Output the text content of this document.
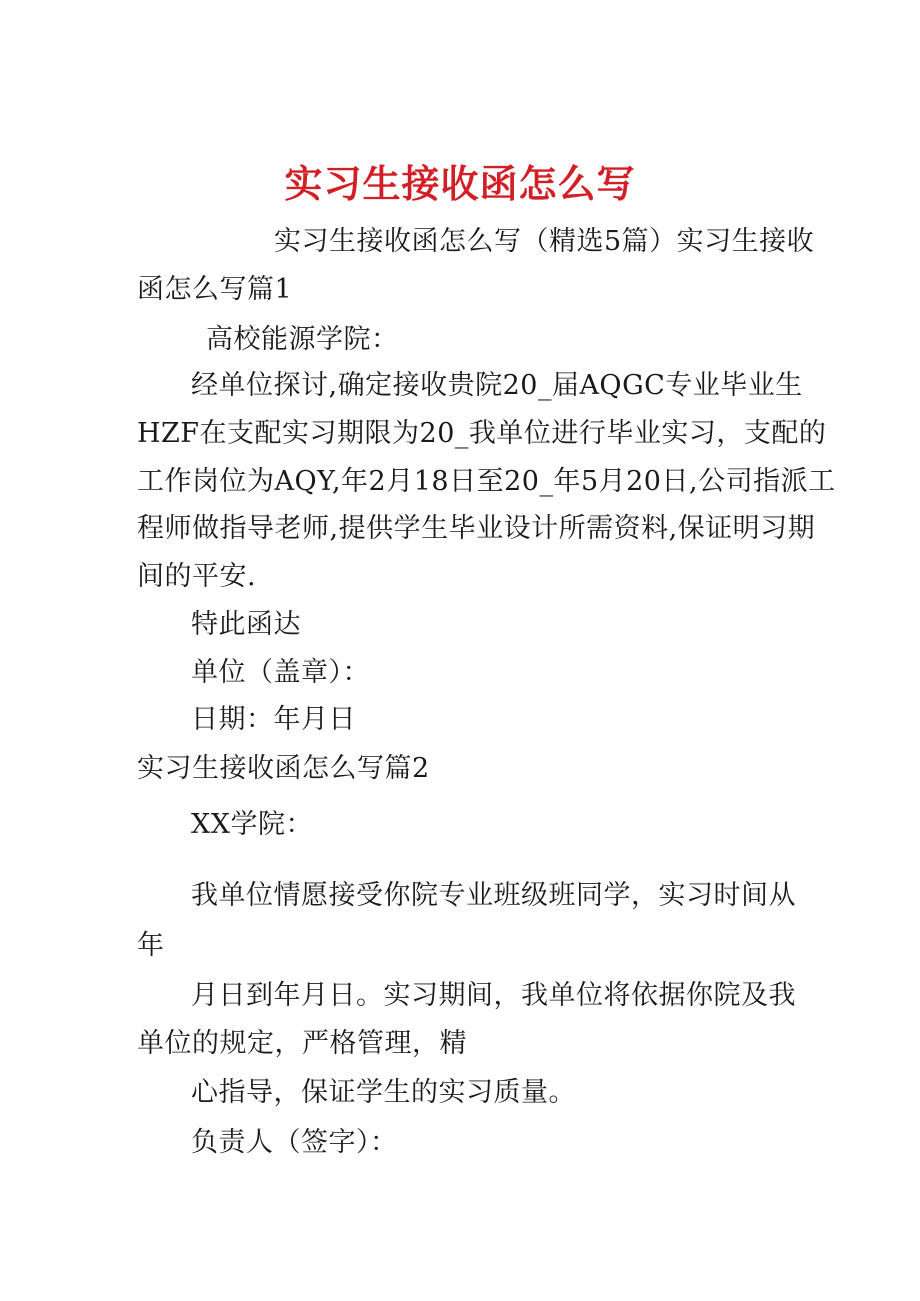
实习生接收函怎么写
实习生接收函怎么写（精选5篇）实习生接收
函怎么写篇1
高校能源学院：
经单位探讨,确定接收贵院20_届AQGC专业毕业生
HZF在支配实习期限为20_我单位进行毕业实习，支配的
工作岗位为AQY,年2月18日至20_年5月20日,公司指派工
程师做指导老师,提供学生毕业设计所需资料,保证明习期
间的平安.
特此函达
单位（盖章）：
日期：年月日
实习生接收函怎么写篇2
XX学院：
我单位情愿接受你院专业班级班同学，实习时间从
年
月日到年月日。实习期间，我单位将依据你院及我
单位的规定，严格管理，精
心指导，保证学生的实习质量。
负责人（签字）：
